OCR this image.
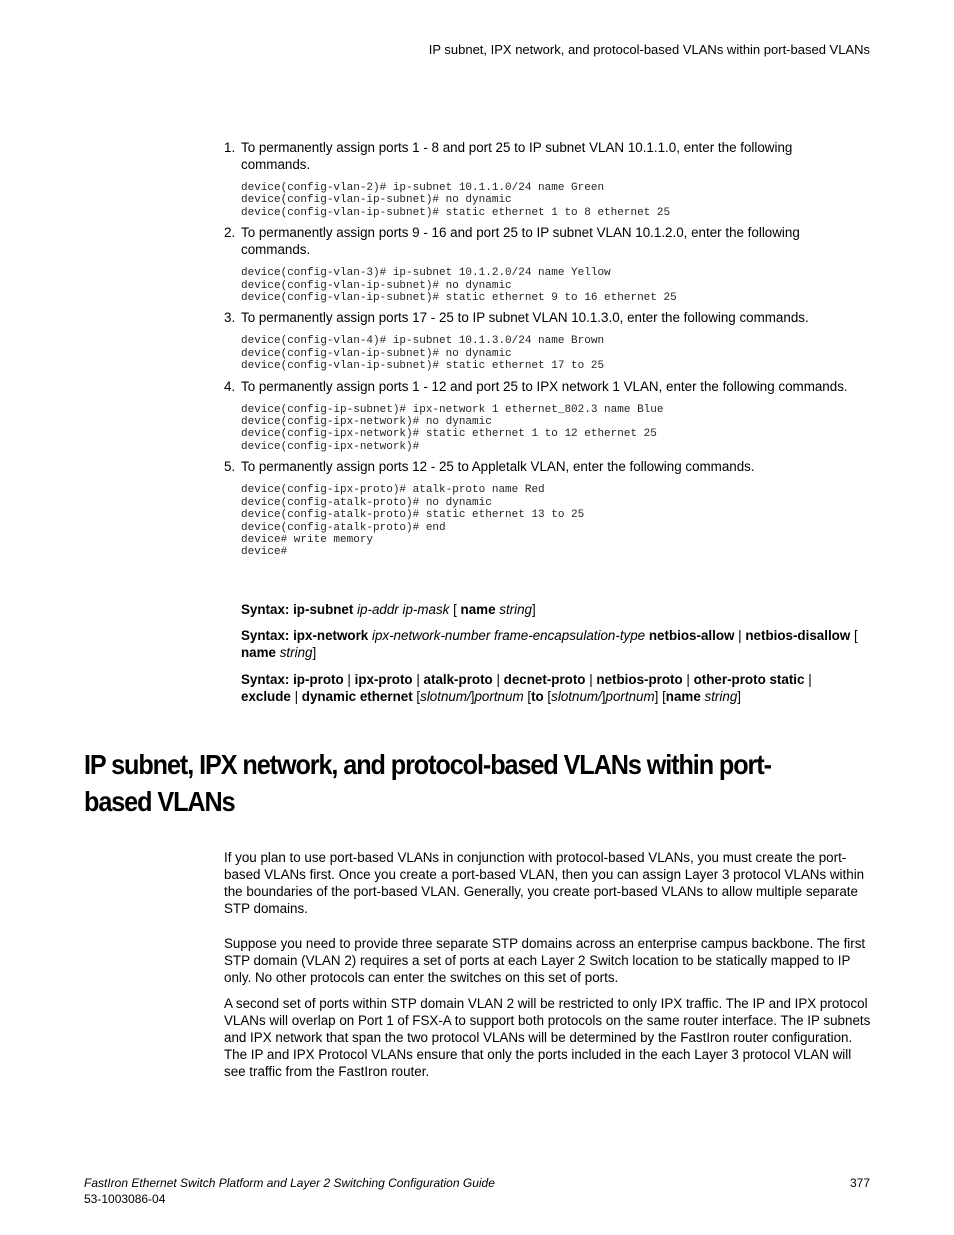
IP subnet, IPX network, and protocol-based VLANs within port-based VLANs
1. To permanently assign ports 1 - 8 and port 25 to IP subnet VLAN 10.1.1.0, enter the following commands.
device(config-vlan-2)# ip-subnet 10.1.1.0/24 name Green
device(config-vlan-ip-subnet)# no dynamic
device(config-vlan-ip-subnet)# static ethernet 1 to 8 ethernet 25
2. To permanently assign ports 9 - 16 and port 25 to IP subnet VLAN 10.1.2.0, enter the following commands.
device(config-vlan-3)# ip-subnet 10.1.2.0/24 name Yellow
device(config-vlan-ip-subnet)# no dynamic
device(config-vlan-ip-subnet)# static ethernet 9 to 16 ethernet 25
3. To permanently assign ports 17 - 25 to IP subnet VLAN 10.1.3.0, enter the following commands.
device(config-vlan-4)# ip-subnet 10.1.3.0/24 name Brown
device(config-vlan-ip-subnet)# no dynamic
device(config-vlan-ip-subnet)# static ethernet 17 to 25
4. To permanently assign ports 1 - 12 and port 25 to IPX network 1 VLAN, enter the following commands.
device(config-ip-subnet)# ipx-network 1 ethernet_802.3 name Blue
device(config-ipx-network)# no dynamic
device(config-ipx-network)# static ethernet 1 to 12 ethernet 25
device(config-ipx-network)#
5. To permanently assign ports 12 - 25 to Appletalk VLAN, enter the following commands.
device(config-ipx-proto)# atalk-proto name Red
device(config-atalk-proto)# no dynamic
device(config-atalk-proto)# static ethernet 13 to 25
device(config-atalk-proto)# end
device# write memory
device#
Syntax: ip-subnet ip-addr ip-mask [ name string]
Syntax: ipx-network ipx-network-number frame-encapsulation-type netbios-allow | netbios-disallow [ name string]
Syntax: ip-proto | ipx-proto | atalk-proto | decnet-proto | netbios-proto | other-proto static | exclude | dynamic ethernet [slotnum/]portnum [to [slotnum/]portnum] [name string]
IP subnet, IPX network, and protocol-based VLANs within port-based VLANs

If you plan to use port-based VLANs in conjunction with protocol-based VLANs, you must create the port-based VLANs first. Once you create a port-based VLAN, then you can assign Layer 3 protocol VLANs within the boundaries of the port-based VLAN. Generally, you create port-based VLANs to allow multiple separate STP domains.

Suppose you need to provide three separate STP domains across an enterprise campus backbone. The first STP domain (VLAN 2) requires a set of ports at each Layer 2 Switch location to be statically mapped to IP only. No other protocols can enter the switches on this set of ports.

A second set of ports within STP domain VLAN 2 will be restricted to only IPX traffic. The IP and IPX protocol VLANs will overlap on Port 1 of FSX-A to support both protocols on the same router interface. The IP subnets and IPX network that span the two protocol VLANs will be determined by the FastIron router configuration. The IP and IPX Protocol VLANs ensure that only the ports included in the each Layer 3 protocol VLAN will see traffic from the FastIron router.

FastIron Ethernet Switch Platform and Layer 2 Switching Configuration Guide
53-1003086-04
377
